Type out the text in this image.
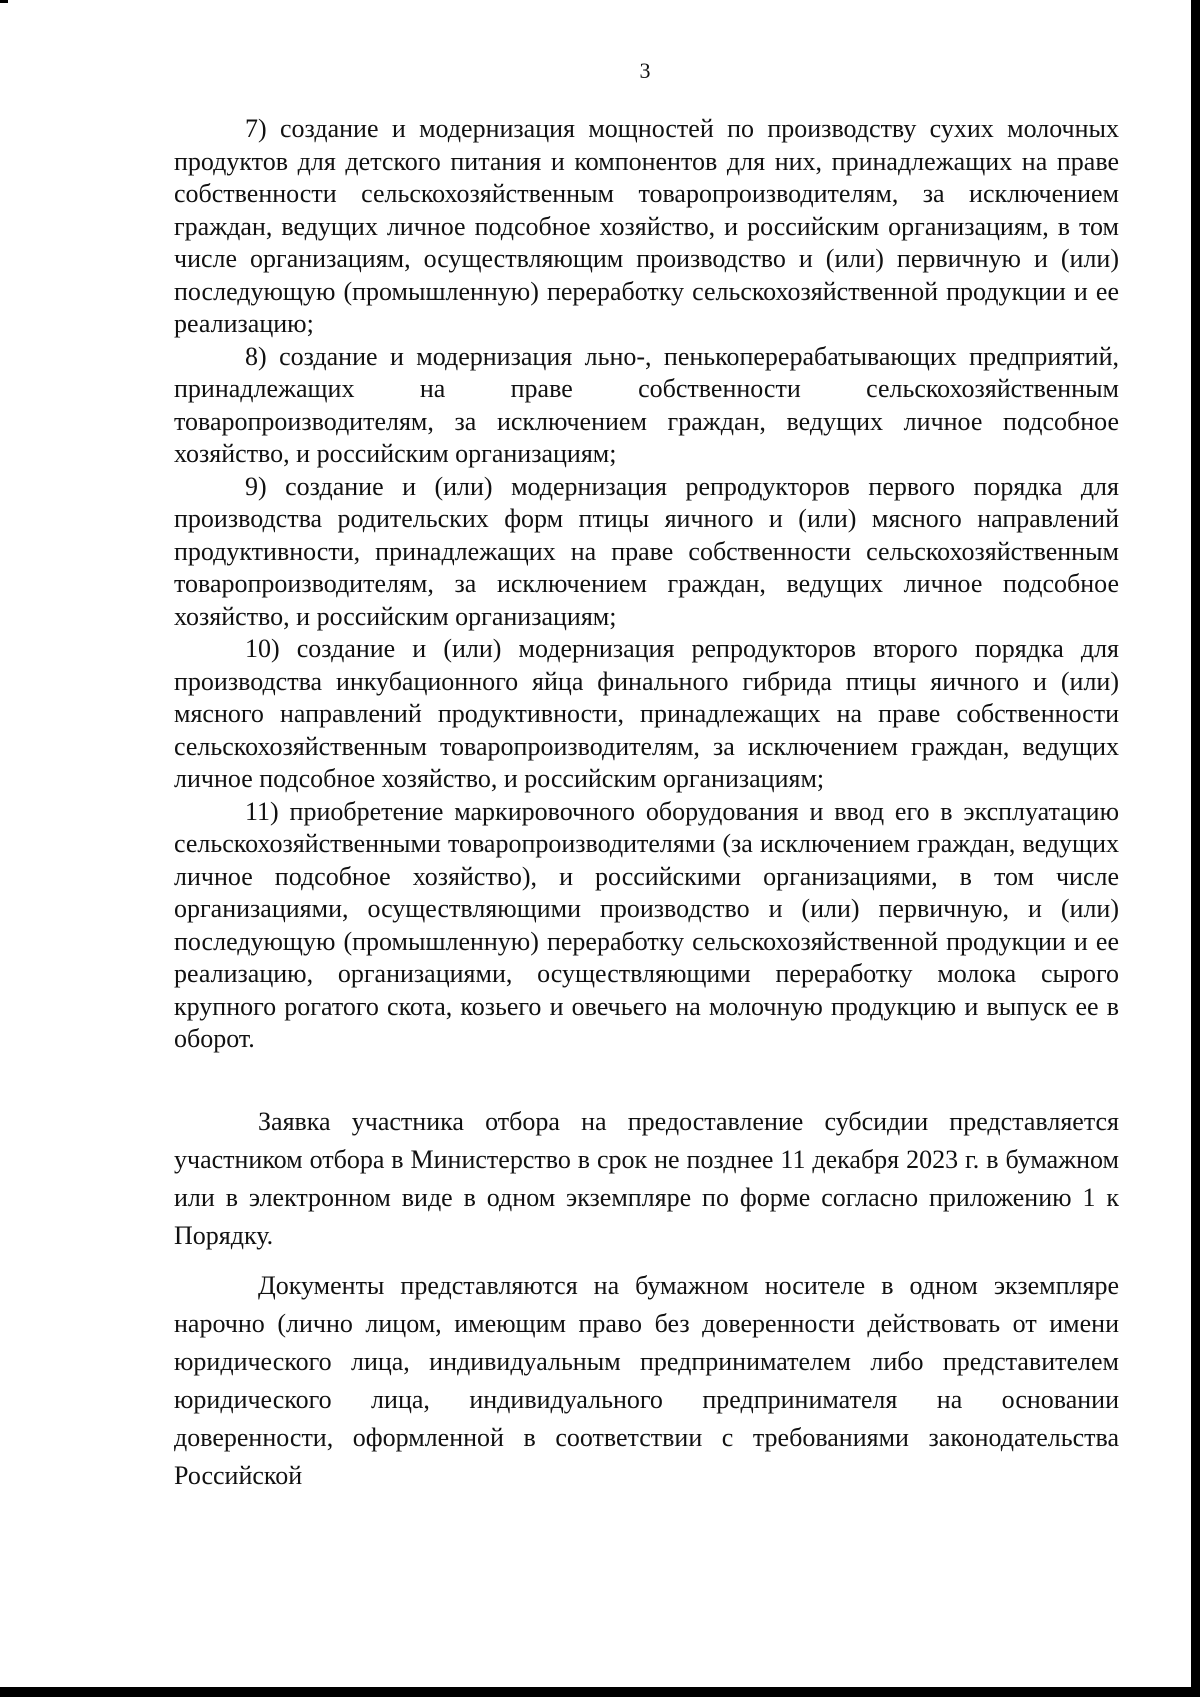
3

7) создание и модернизация мощностей по производству сухих молочных продуктов для детского питания и компонентов для них, принадлежащих на праве собственности сельскохозяйственным товаропроизводителям, за исключением граждан, ведущих личное подсобное хозяйство, и российским организациям, в том числе организациям, осуществляющим производство и (или) первичную и (или) последующую (промышленную) переработку сельскохозяйственной продукции и ее реализацию;

8) создание и модернизация льно-, пенькоперерабатывающих предприятий, принадлежащих на праве собственности сельскохозяйственным товаропроизводителям, за исключением граждан, ведущих личное подсобное хозяйство, и российским организациям;

9) создание и (или) модернизация репродукторов первого порядка для производства родительских форм птицы яичного и (или) мясного направлений продуктивности, принадлежащих на праве собственности сельскохозяйственным товаропроизводителям, за исключением граждан, ведущих личное подсобное хозяйство, и российским организациям;

10) создание и (или) модернизация репродукторов второго порядка для производства инкубационного яйца финального гибрида птицы яичного и (или) мясного направлений продуктивности, принадлежащих на праве собственности сельскохозяйственным товаропроизводителям, за исключением граждан, ведущих личное подсобное хозяйство, и российским организациям;

11) приобретение маркировочного оборудования и ввод его в эксплуатацию сельскохозяйственными товаропроизводителями (за исключением граждан, ведущих личное подсобное хозяйство), и российскими организациями, в том числе организациями, осуществляющими производство и (или) первичную, и (или) последующую (промышленную) переработку сельскохозяйственной продукции и ее реализацию, организациями, осуществляющими переработку молока сырого крупного рогатого скота, козьего и овечьего на молочную продукцию и выпуск ее в оборот.

Заявка участника отбора на предоставление субсидии представляется участником отбора в Министерство в срок не позднее 11 декабря 2023 г. в бумажном или в электронном виде в одном экземпляре по форме согласно приложению 1 к Порядку.

Документы представляются на бумажном носителе в одном экземпляре нарочно (лично лицом, имеющим право без доверенности действовать от имени юридического лица, индивидуальным предпринимателем либо представителем юридического лица, индивидуального предпринимателя на основании доверенности, оформленной в соответствии с требованиями законодательства Российской
